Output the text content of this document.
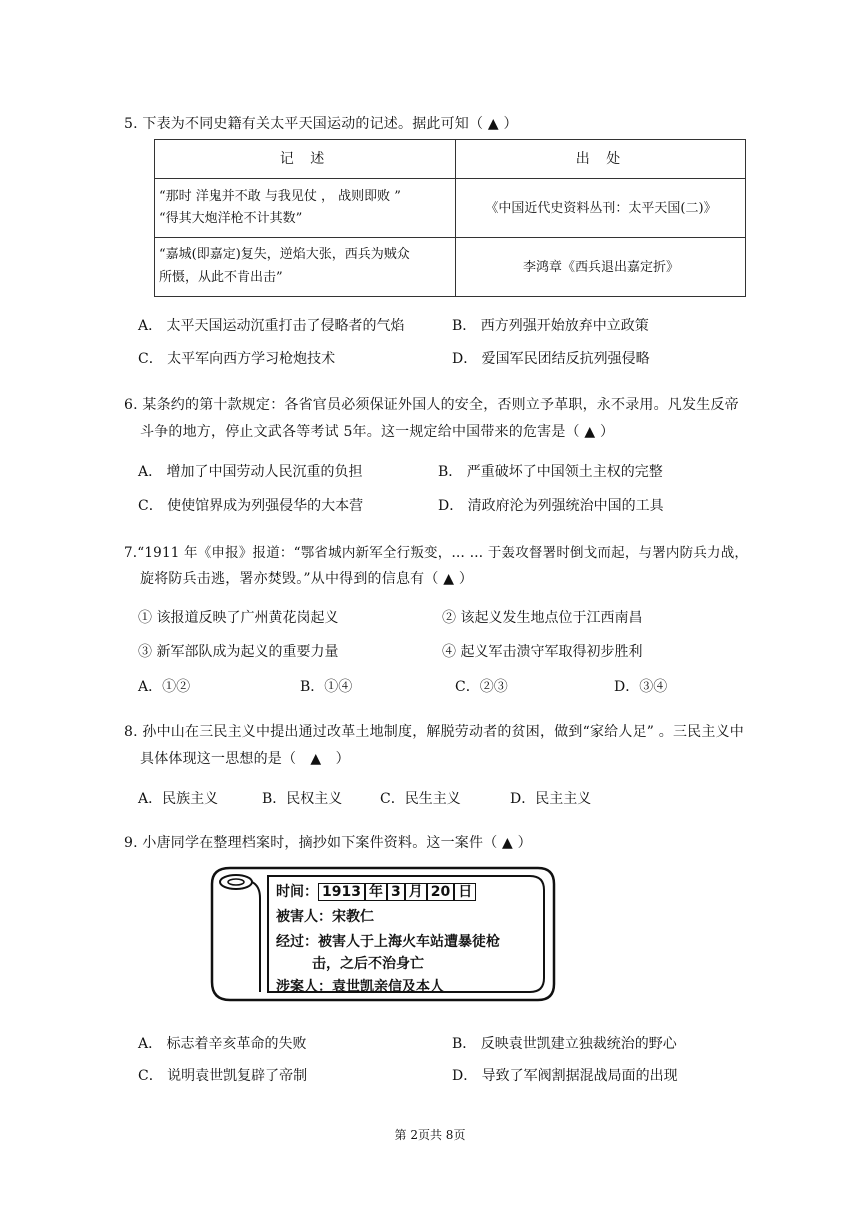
5. 下表为不同史籍有关太平天国运动的记述。据此可知（ ▲ ）
记 述	出 处
“那时 洋鬼并不敢 与我见仗 ， 战则即败 ”
“得其大炮洋枪不计其数”
《中国近代史资料丛刊：太平天国(二)》
“嘉城(即嘉定)复失，逆焰大张，西兵为贼众
所慑，从此不肯出击”
李鸿章《西兵退出嘉定折》
A． 太平天国运动沉重打击了侵略者的气焰	B． 西方列强开始放弃中立政策
C． 太平军向西方学习枪炮技术	D． 爱国军民团结反抗列强侵略
6. 某条约的第十款规定：各省官员必须保证外国人的安全，否则立予革职，永不录用。凡发生反帝
斗争的地方，停止文武各等考试 5年。这一规定给中国带来的危害是（ ▲ ）
A． 增加了中国劳动人民沉重的负担	B． 严重破坏了中国领土主权的完整
C． 使使馆界成为列强侵华的大本营	D． 清政府沦为列强统治中国的工具
7.“1911 年《申报》报道：“鄂省城内新军全行叛变，… … 于轰攻督署时倒戈而起，与署内防兵力战，
旋将防兵击逃，署亦焚毁。”从中得到的信息有（ ▲ ）
① 该报道反映了广州黄花岗起义	② 该起义发生地点位于江西南昌
③ 新军部队成为起义的重要力量	④ 起义军击溃守军取得初步胜利
A．①②	B．①④	C．②③	D．③④
8. 孙中山在三民主义中提出通过改革土地制度，解脱劳动者的贫困，做到“家给人足” 。三民主义中
具体体现这一思想的是（　▲　）
A．民族主义	B．民权主义	C．民生主义	D．民主主义
9. 小唐同学在整理档案时，摘抄如下案件资料。这一案件（ ▲ ）
时间： 1913 年 3 月 20 日
被害人：宋教仁
经过：被害人于上海火车站遭暴徒枪
击，之后不治身亡
涉案人：袁世凯亲信及本人
A． 标志着辛亥革命的失败	B． 反映袁世凯建立独裁统治的野心
C． 说明袁世凯复辟了帝制	D． 导致了军阀割据混战局面的出现
第 2页共 8页
